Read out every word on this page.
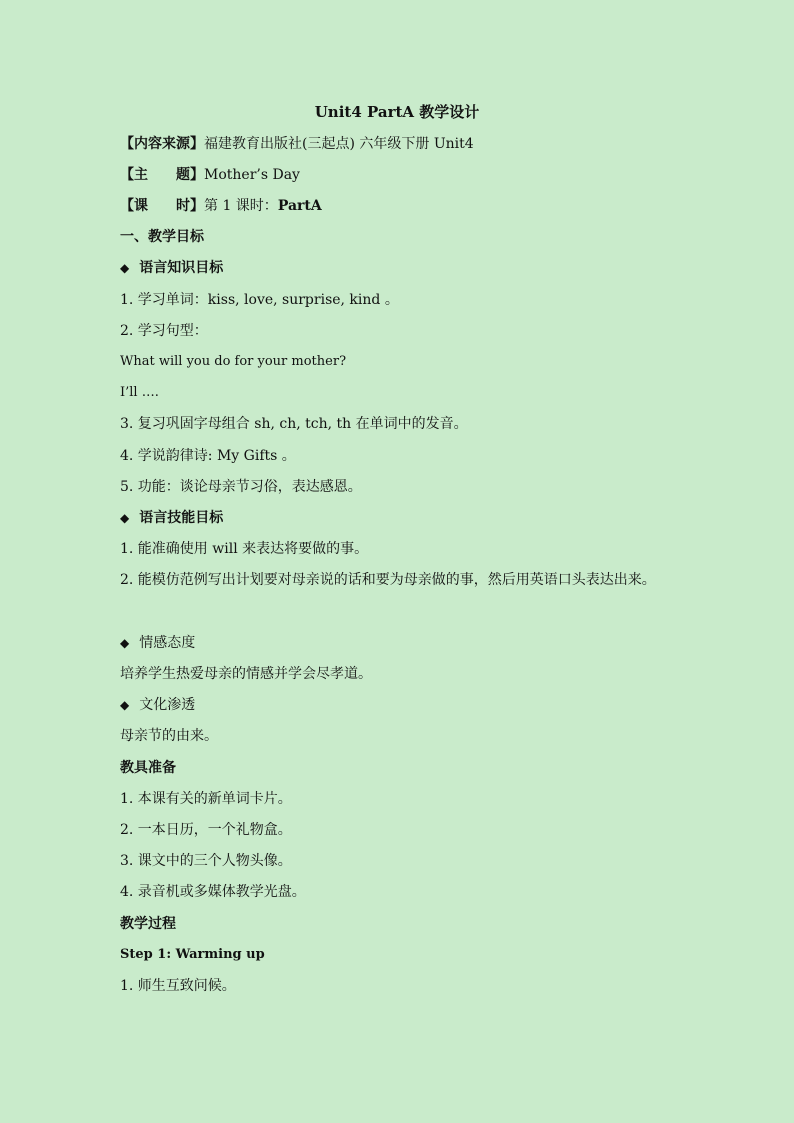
Unit4 PartA 教学设计
【内容来源】福建教育出版社(三起点) 六年级下册 Unit4
【主　　题】Mother’s Day
【课　　时】第 1 课时：PartA
一、教学目标
◆ 语言知识目标
1. 学习单词：kiss, love, surprise, kind 。
2. 学习句型：
What will you do for your mother?
I’ll ….
3. 复习巩固字母组合 sh, ch, tch, th 在单词中的发音。
4. 学说韵律诗: My Gifts 。
5. 功能：谈论母亲节习俗，表达感恩。
◆ 语言技能目标
1. 能准确使用 will 来表达将要做的事。
2. 能模仿范例写出计划要对母亲说的话和要为母亲做的事，然后用英语口头表达出来。
◆ 情感态度
培养学生热爱母亲的情感并学会尽孝道。
◆ 文化渗透
母亲节的由来。
教具准备
1. 本课有关的新单词卡片。
2. 一本日历，一个礼物盒。
3. 课文中的三个人物头像。
4. 录音机或多媒体教学光盘。
教学过程
Step 1: Warming up
1. 师生互致问候。
